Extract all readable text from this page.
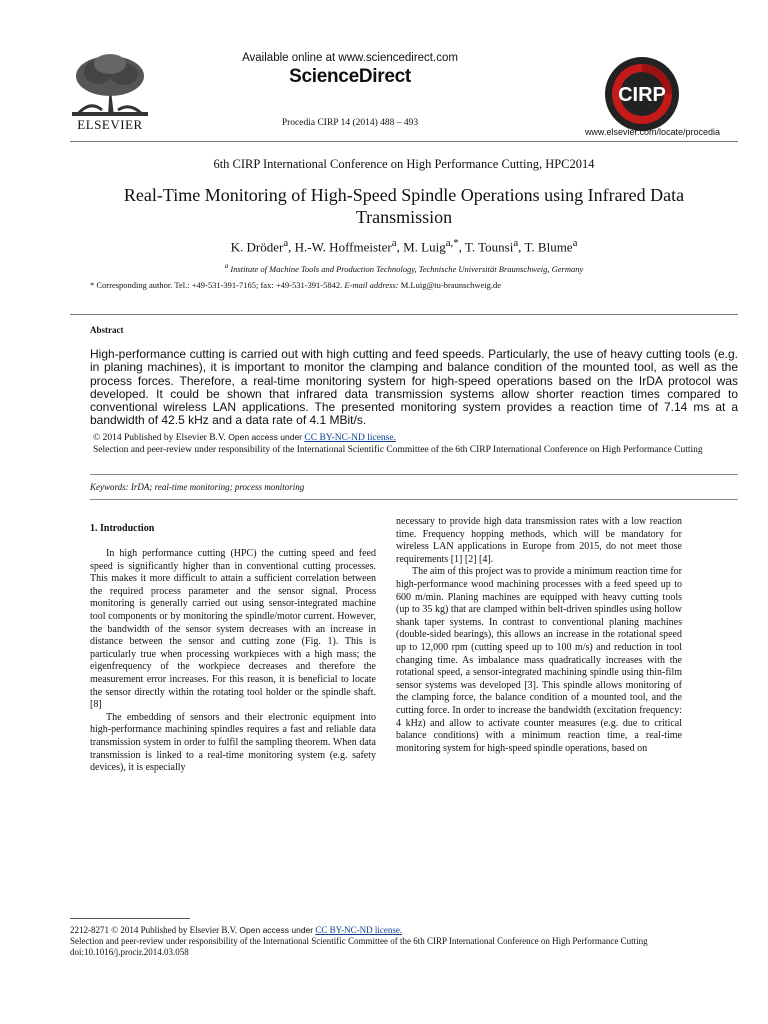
ELSEVIER
Available online at www.sciencedirect.com
ScienceDirect
Procedia CIRP 14 (2014) 488 – 493
CIRP
www.elsevier.com/locate/procedia
6th CIRP International Conference on High Performance Cutting, HPC2014
Real-Time Monitoring of High-Speed Spindle Operations using Infrared Data Transmission
K. Dröder$^a$, H.-W. Hoffmeister$^a$, M. Luig$^{a,*}$, T. Tounsi$^a$, T. Blume$^a$
$^a$ Institute of Machine Tools and Production Technology, Technische Universität Braunschweig, Germany
* Corresponding author. Tel.: +49-531-391-7165; fax: +49-531-391-5842. E-mail address: M.Luig@tu-braunschweig.de
Abstract
High-performance cutting is carried out with high cutting and feed speeds. Particularly, the use of heavy cutting tools (e.g. in planing machines), it is important to monitor the clamping and balance condition of the mounted tool, as well as the process forces. Therefore, a real-time monitoring system for high-speed operations based on the IrDA protocol was developed. It could be shown that infrared data transmission systems allow shorter reaction times compared to conventional wireless LAN applications. The presented monitoring system provides a reaction time of 7.14 ms at a bandwidth of 42.5 kHz and a data rate of 4.1 MBit/s.
© 2014 Published by Elsevier B.V. Open access under CC BY-NC-ND license.
Selection and peer-review under responsibility of the International Scientific Committee of the 6th CIRP International Conference on High Performance Cutting
Keywords: IrDA; real-time monitoring; process monitoring
1. Introduction

In high performance cutting (HPC) the cutting speed and feed speed is significantly higher than in conventional cutting processes. This makes it more difficult to attain a sufficient correlation between the required process parameter and the sensor signal. Process monitoring is generally carried out using sensor-integrated machine tool components or by monitoring the spindle/motor current. However, the bandwidth of the sensor system decreases with an increase in distance between the sensor and cutting zone (Fig. 1). This is particularly true when processing workpieces with a high mass; the eigenfrequency of the workpiece decreases and therefore the measurement error increases. For this reason, it is beneficial to locate the sensor directly within the rotating tool holder or the spindle shaft. [8]

The embedding of sensors and their electronic equipment into high-performance machining spindles requires a fast and reliable data transmission system in order to fulfil the sampling theorem. When data transmission is linked to a real-time monitoring system (e.g. safety devices), it is especially

necessary to provide high data transmission rates with a low reaction time. Frequency hopping methods, which will be mandatory for wireless LAN applications in Europe from 2015, do not meet those requirements [1] [2] [4].

The aim of this project was to provide a minimum reaction time for high-performance wood machining processes with a feed speed up to 600 m/min. Planing machines are equipped with heavy cutting tools (up to 35 kg) that are clamped within belt-driven spindles using hollow shank taper systems. In contrast to conventional planing machines (double-sided bearings), this allows an increase in the rotational speed up to 12,000 rpm (cutting speed up to 100 m/s) and reduction in tool changing time. As imbalance mass quadratically increases with the rotational speed, a sensor-integrated machining spindle using thin-film sensor systems was developed [3]. This spindle allows monitoring of the clamping force, the balance condition of a mounted tool, and the cutting force. In order to increase the bandwidth (excitation frequency: 4 kHz) and allow to activate counter measures (e.g. due to critical balance conditions) with a minimum reaction time, a real-time monitoring system for high-speed spindle operations, based on

2212-8271 © 2014 Published by Elsevier B.V. Open access under CC BY-NC-ND license.
Selection and peer-review under responsibility of the International Scientific Committee of the 6th CIRP International Conference on High Performance Cutting
doi:10.1016/j.procir.2014.03.058
